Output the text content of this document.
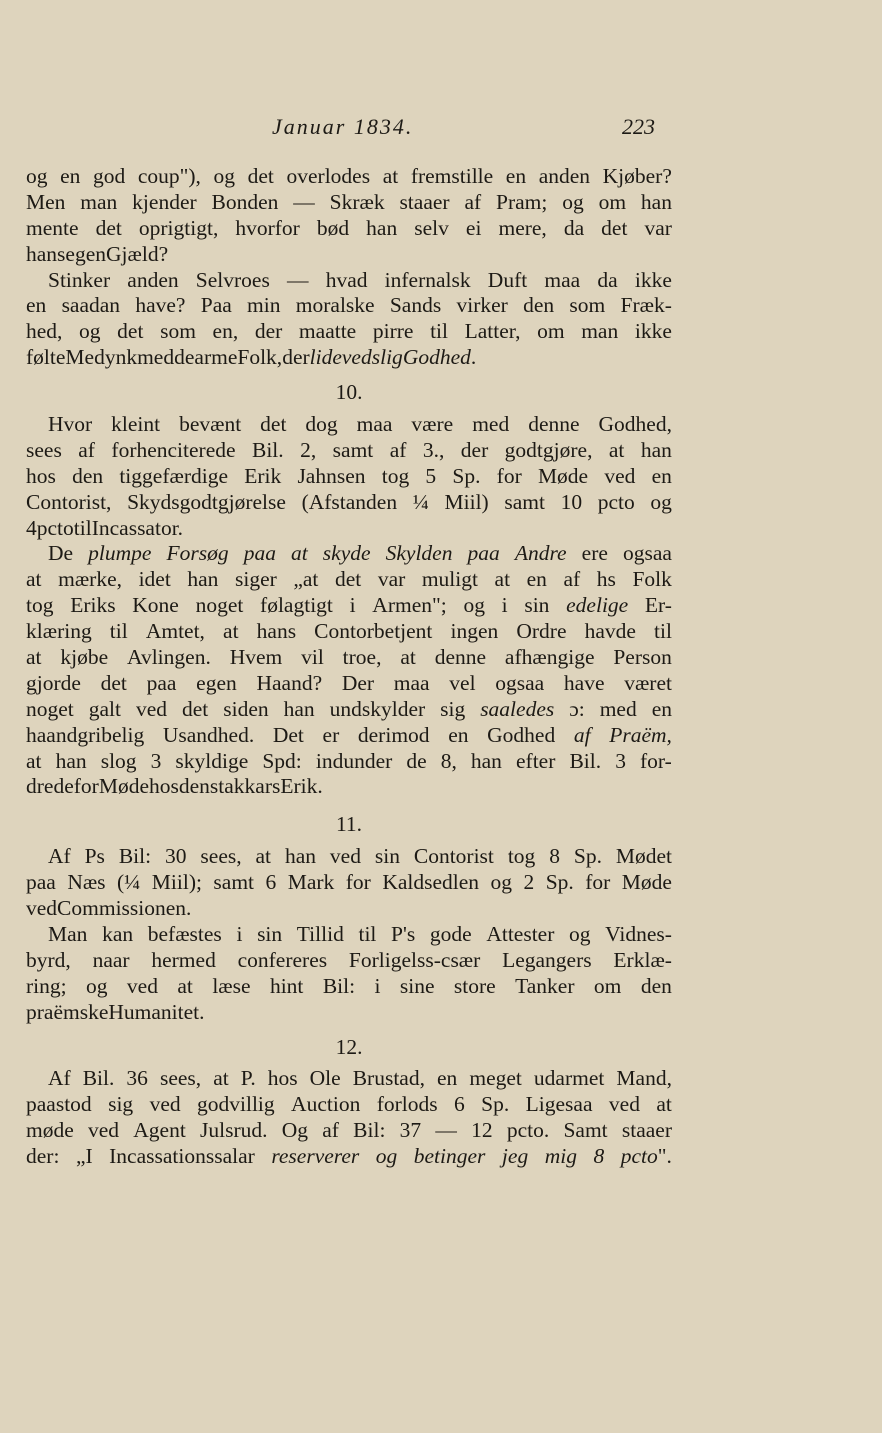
Januar 1834.	223
og en god coup"), og det overlodes at fremstille en anden Kjøber?
Men man kjender Bonden — Skræk staaer af Pram; og om han
mente det oprigtigt, hvorfor bød han selv ei mere, da det var
hans egen Gjæld?
Stinker anden Selvroes — hvad infernalsk Duft maa da ikke
en saadan have? Paa min moralske Sands virker den som Fræk-
hed, og det som en, der maatte pirre til Latter, om man ikke
følte Medynk med de arme Folk, der lide ved slig Godhed.
10.
Hvor kleint bevænt det dog maa være med denne Godhed,
sees af forhenciterede Bil. 2, samt af 3., der godtgjøre, at han
hos den tiggefærdige Erik Jahnsen tog 5 Sp. for Møde ved en
Contorist, Skydsgodtgjørelse (Afstanden ¼ Miil) samt 10 pcto og
4 pcto til Incassator.
De plumpe Forsøg paa at skyde Skylden paa Andre ere ogsaa
at mærke, idet han siger „at det var muligt at en af hs Folk
tog Eriks Kone noget følagtigt i Armen"; og i sin edelige Er-
klæring til Amtet, at hans Contorbetjent ingen Ordre havde til
at kjøbe Avlingen. Hvem vil troe, at denne afhængige Person
gjorde det paa egen Haand? Der maa vel ogsaa have været
noget galt ved det siden han undskylder sig saaledes ɔ: med en
haandgribelig Usandhed. Det er derimod en Godhed af Praëm,
at han slog 3 skyldige Spd: indunder de 8, han efter Bil. 3 for-
drede for Møde hos den stakkars Erik.
11.
Af Ps Bil: 30 sees, at han ved sin Contorist tog 8 Sp. Mødet
paa Næs (¼ Miil); samt 6 Mark for Kaldsedlen og 2 Sp. for Møde
ved Commissionen.
Man kan befæstes i sin Tillid til P's gode Attester og Vidnes-
byrd, naar hermed confereres Forligelss-csær Legangers Erklæ-
ring; og ved at læse hint Bil: i sine store Tanker om den
praëmske Humanitet.
12.
Af Bil. 36 sees, at P. hos Ole Brustad, en meget udarmet Mand,
paastod sig ved godvillig Auction forlods 6 Sp. Ligesaa ved at
møde ved Agent Julsrud. Og af Bil: 37 — 12 pcto. Samt staaer
der: „I Incassationssalar reserverer og betinger jeg mig 8 pcto".
